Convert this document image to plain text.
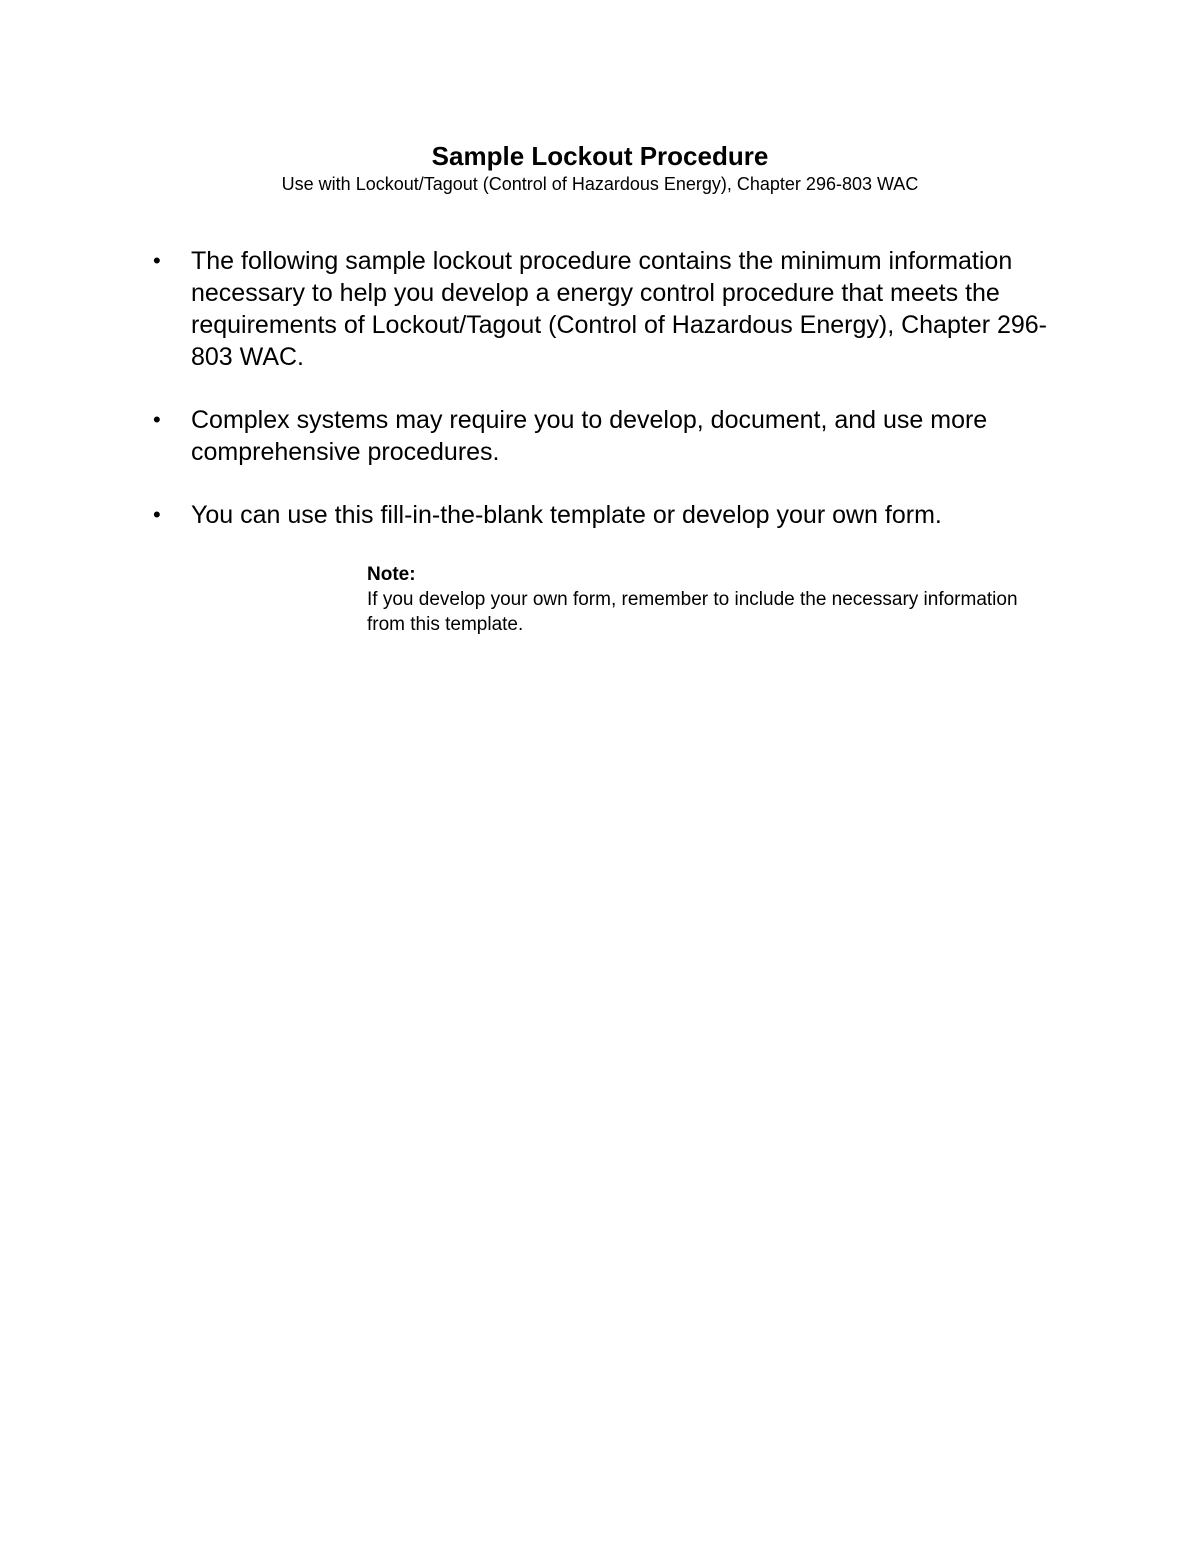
Sample Lockout Procedure

Use with Lockout/Tagout (Control of Hazardous Energy), Chapter 296-803 WAC

• The following sample lockout procedure contains the minimum information necessary to help you develop a energy control procedure that meets the requirements of Lockout/Tagout (Control of Hazardous Energy), Chapter 296-803 WAC.
• Complex systems may require you to develop, document, and use more comprehensive procedures.
• You can use this fill-in-the-blank template or develop your own form.

Note:

If you develop your own form, remember to include the necessary information from this template.
